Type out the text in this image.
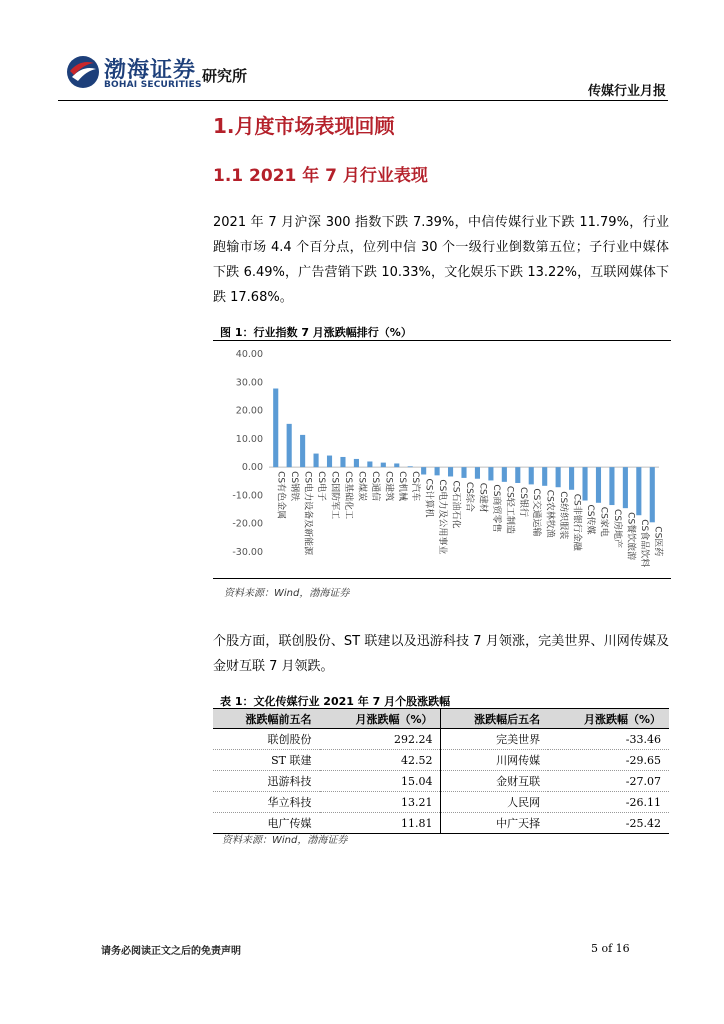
渤海证券
BOHAI SECURITIES 研究所
传媒行业月报
1.月度市场表现回顾
1.1 2021 年 7 月行业表现
2021 年 7 月沪深 300 指数下跌 7.39%，中信传媒行业下跌 11.79%，行业跑输市场 4.4 个百分点，位列中信 30 个一级行业倒数第五位；子行业中媒体下跌 6.49%，广告营销下跌 10.33%，文化娱乐下跌 13.22%，互联网媒体下跌 17.68%。
图 1：行业指数 7 月涨跌幅排行（%）
40.00
30.00
20.00
10.00
0.00
-10.00
-20.00
-30.00
CS有色金属 CS钢铁 CS电力设备及新能源 CS电子 CS国防军工 CS基础化工 CS煤炭 CS通信 CS建筑 CS机械 CS汽车 CS计算机 CS电力及公用事业 CS石油石化 CS综合 CS建材 CS商贸零售 CS轻工制造 CS银行 CS交通运输 CS农林牧渔 CS纺织服装 CS非银行金融 CS传媒 CS家电 CS房地产 CS餐饮旅游 CS食品饮料 CS医药
资料来源：Wind，渤海证券
个股方面，联创股份、ST 联建以及迅游科技 7 月领涨，完美世界、川网传媒及金财互联 7 月领跌。
表 1：文化传媒行业 2021 年 7 月个股涨跌幅
涨跌幅前五名	月涨跌幅（%）	涨跌幅后五名	月涨跌幅（%）
联创股份	292.24	完美世界	-33.46
ST 联建	42.52	川网传媒	-29.65
迅游科技	15.04	金财互联	-27.07
华立科技	13.21	人民网	-26.11
电广传媒	11.81	中广天择	-25.42
资料来源：Wind，渤海证券
请务必阅读正文之后的免责声明	5 of 16
